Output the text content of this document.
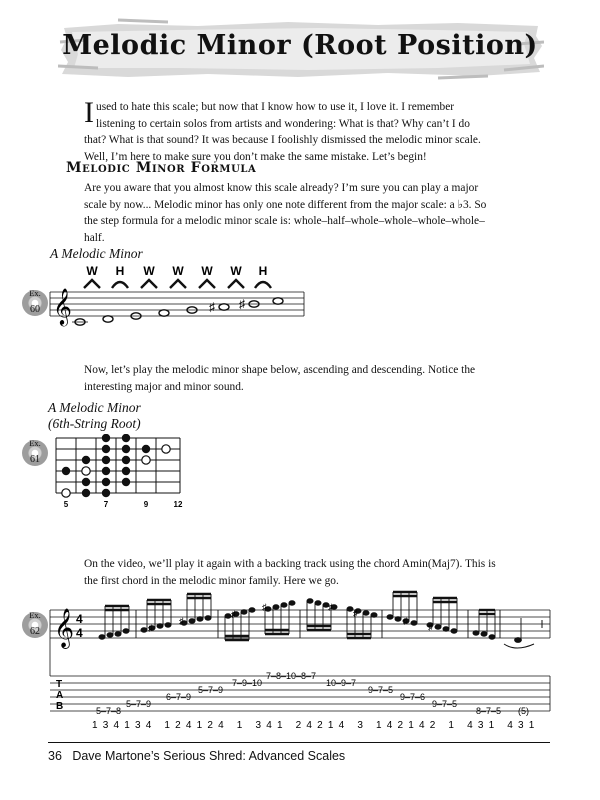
Melodic Minor (Root Position)
Iused to hate this scale; but now that I know how to use it, I love it. I remember listening to certain solos from artists and wondering: What is that? Why can’t I do that? What is that sound? It was because I foolishly dismissed the melodic minor scale. Well, I’m here to make sure you don’t make the same mistake. Let’s begin!
Melodic Minor Formula
Are you aware that you almost know this scale already? I’m sure you can play a major scale by now... Melodic minor has only one note different from the major scale: a ♭3. So the step formula for a melodic minor scale is: whole–half–whole–whole–whole–whole–half.
A Melodic Minor
Ex.
60 𝄞
W H W W W W H
♯ ♯
Now, let’s play the melodic minor shape below, ascending and descending. Notice the interesting major and minor sound.
A Melodic Minor
(6th-String Root)
Ex.
61
5	7	9	12
On the video, we’ll play it again with a backing track using the chord Amin(Maj7). This is the first chord in the melodic minor family. Here we go.
Ex.
62 𝄞 4
4	♯
♯
♯
♯	♯
♯
♯
♯
T
A
B	5–7–8
5–7–9
6–7–9
5–7–9
7–9–10
7–8–10–8–7
10–9–7
9–7–5
9–7–6
9–7–5
8–7–5 (5)
1 3 4 1 3 4   1 2 4 1 2 4   1   3 4 1   2 4 2 1 4   3   1 4 2 1 4 2   1   4 3 1   4 3 1
36 Dave Martone’s Serious Shred: Advanced Scales
